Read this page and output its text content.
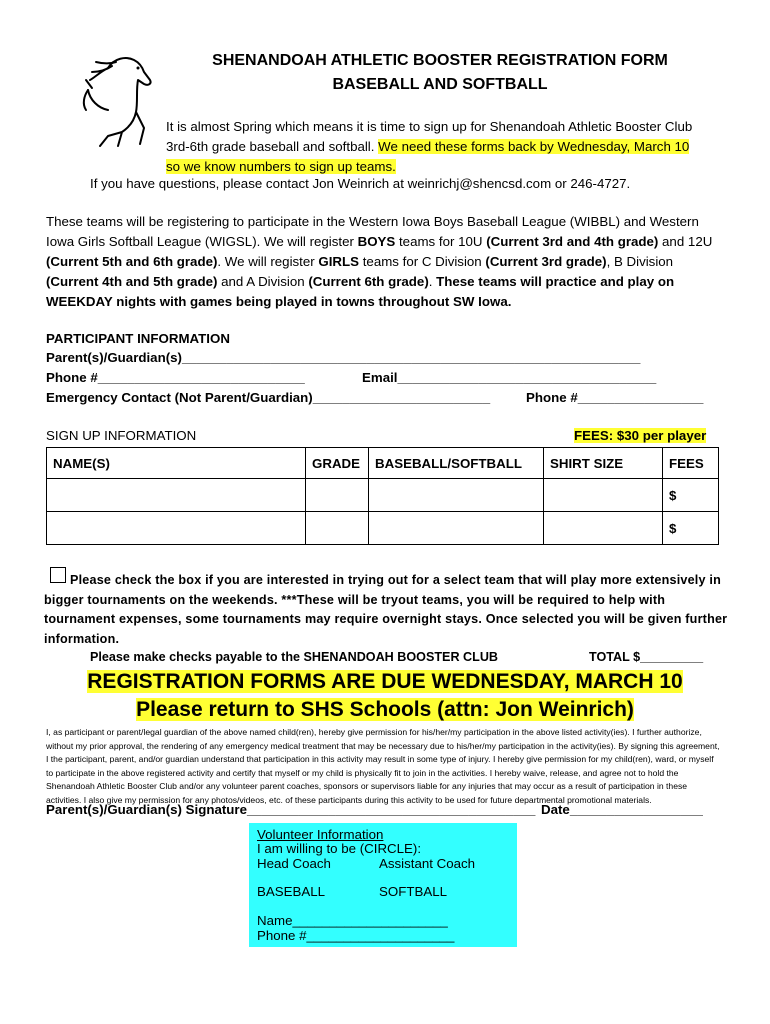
SHENANDOAH ATHLETIC BOOSTER REGISTRATION FORM
BASEBALL AND SOFTBALL
It is almost Spring which means it is time to sign up for Shenandoah Athletic Booster Club
3rd-6th grade baseball and softball. We need these forms back by Wednesday, March 10
so we know numbers to sign up teams.
If you have questions, please contact Jon Weinrich at weinrichj@shencsd.com or 246-4727.
These teams will be registering to participate in the Western Iowa Boys Baseball League (WIBBL) and Western Iowa Girls Softball League (WIGSL). We will register BOYS teams for 10U (Current 3rd and 4th grade) and 12U (Current 5th and 6th grade). We will register GIRLS teams for C Division (Current 3rd grade), B Division (Current 4th and 5th grade) and A Division (Current 6th grade). These teams will practice and play on WEEKDAY nights with games being played in towns throughout SW Iowa.
PARTICIPANT INFORMATION
Parent(s)/Guardian(s)______________________________________________________________
Phone #____________________________	Email___________________________________
Emergency Contact (Not Parent/Guardian)________________________	Phone #_________________
SIGN UP INFORMATION	FEES: $30 per player
NAME(S)	GRADE	BASEBALL/SOFTBALL	SHIRT SIZE	FEES
				$
				$
Please check the box if you are interested in trying out for a select team that will play more extensively in bigger tournaments on the weekends. ***These will be tryout teams, you will be required to help with tournament expenses, some tournaments may require overnight stays. Once selected you will be given further information.
Please make checks payable to the SHENANDOAH BOOSTER CLUB	TOTAL $_________
REGISTRATION FORMS ARE DUE WEDNESDAY, MARCH 10
Please return to SHS Schools (attn: Jon Weinrich)
I, as participant or parent/legal guardian of the above named child(ren), hereby give permission for his/her/my participation in the above listed activity(ies). I further authorize, without my prior approval, the rendering of any emergency medical treatment that may be necessary due to his/her/my participation in the activity(ies). By signing this agreement, I the participant, parent, and/or guardian understand that participation in this activity may result in some type of injury. I hereby give permission for my child(ren), ward, or myself to participate in the above registered activity and certify that myself or my child is physically fit to join in the activities. I hereby waive, release, and agree not to hold the Shenandoah Athletic Booster Club and/or any volunteer parent coaches, sponsors or supervisors liable for any injuries that may occur as a result of participation in these activities. I also give my permission for any photos/videos, etc. of these participants during this activity to be used for future departmental promotional materials.
Parent(s)/Guardian(s) Signature_______________________________________ Date__________________
Volunteer Information
I am willing to be (CIRCLE):
Head Coach	Assistant Coach
BASEBALL	SOFTBALL
Name_____________________
Phone #____________________
